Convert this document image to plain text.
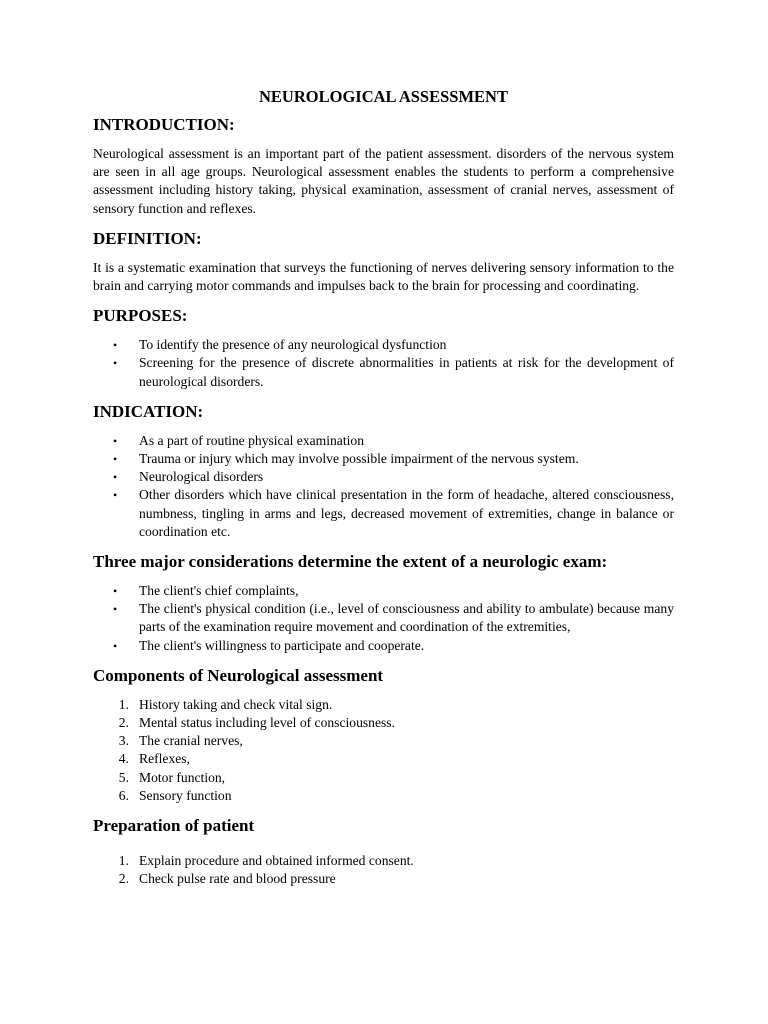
NEUROLOGICAL ASSESSMENT
INTRODUCTION:

Neurological assessment is an important part of the patient assessment. disorders of the nervous system are seen in all age groups. Neurological assessment enables the students to perform a comprehensive assessment including history taking, physical examination, assessment of cranial nerves, assessment of sensory function and reflexes.

DEFINITION:

It is a systematic examination that surveys the functioning of nerves delivering sensory information to the brain and carrying motor commands and impulses back to the brain for processing and coordinating.

PURPOSES:
• To identify the presence of any neurological dysfunction
• Screening for the presence of discrete abnormalities in patients at risk for the development of neurological disorders.
INDICATION:
• As a part of routine physical examination
• Trauma or injury which may involve possible impairment of the nervous system.
• Neurological disorders
• Other disorders which have clinical presentation in the form of headache, altered consciousness, numbness, tingling in arms and legs, decreased movement of extremities, change in balance or coordination etc.
Three major considerations determine the extent of a neurologic exam:
• The client's chief complaints,
• The client's physical condition (i.e., level of consciousness and ability to ambulate) because many parts of the examination require movement and coordination of the extremities,
• The client's willingness to participate and cooperate.
Components of Neurological assessment
1. History taking and check vital sign.
2. Mental status including level of consciousness.
3. The cranial nerves,
4. Reflexes,
5. Motor function,
6. Sensory function
Preparation of patient
1. Explain procedure and obtained informed consent.
2. Check pulse rate and blood pressure
